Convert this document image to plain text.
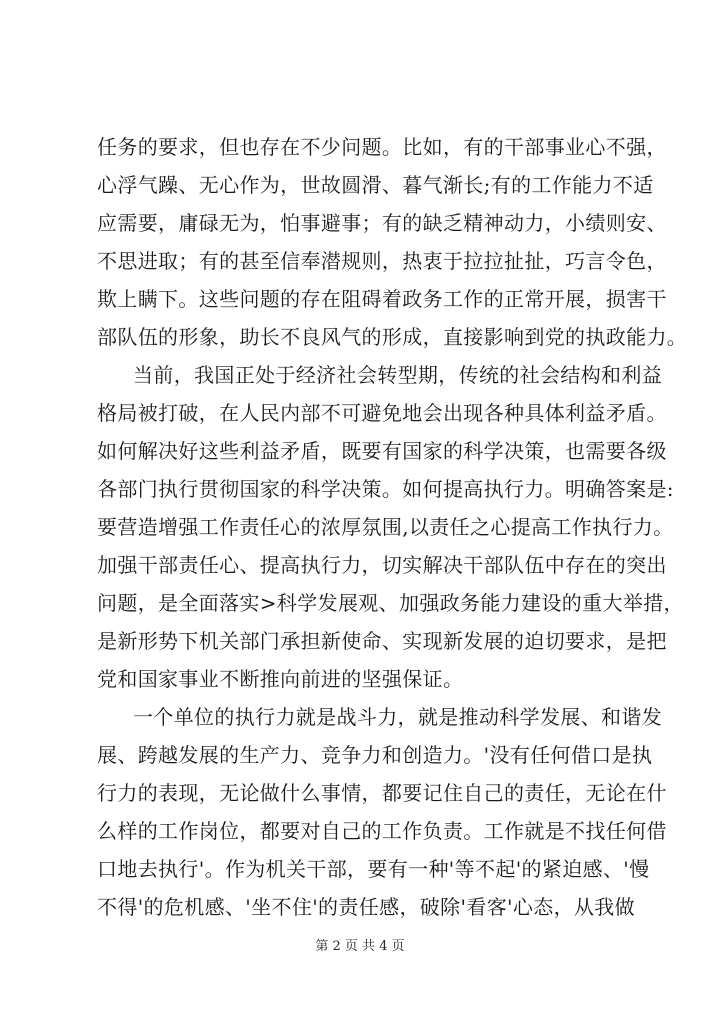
任务的要求，但也存在不少问题。比如，有的干部事业心不强，
心浮气躁、无心作为，世故圆滑、暮气渐长;有的工作能力不适
应需要，庸碌无为，怕事避事；有的缺乏精神动力，小绩则安、
不思进取；有的甚至信奉潜规则，热衷于拉拉扯扯，巧言令色，
欺上瞒下。这些问题的存在阻碍着政务工作的正常开展，损害干
部队伍的形象，助长不良风气的形成，直接影响到党的执政能力。
当前，我国正处于经济社会转型期，传统的社会结构和利益
格局被打破，在人民内部不可避免地会出现各种具体利益矛盾。
如何解决好这些利益矛盾，既要有国家的科学决策，也需要各级
各部门执行贯彻国家的科学决策。如何提高执行力。明确答案是:
要营造增强工作责任心的浓厚氛围,以责任之心提高工作执行力。
加强干部责任心、提高执行力，切实解决干部队伍中存在的突出
问题，是全面落实>科学发展观、加强政务能力建设的重大举措，
是新形势下机关部门承担新使命、实现新发展的迫切要求，是把
党和国家事业不断推向前进的坚强保证。
一个单位的执行力就是战斗力，就是推动科学发展、和谐发
展、跨越发展的生产力、竞争力和创造力。'没有任何借口是执
行力的表现，无论做什么事情，都要记住自己的责任，无论在什
么样的工作岗位，都要对自己的工作负责。工作就是不找任何借
口地去执行'。作为机关干部，要有一种'等不起'的紧迫感、'慢
不得'的危机感、'坐不住'的责任感，破除'看客'心态，从我做
第 2 页 共 4 页
